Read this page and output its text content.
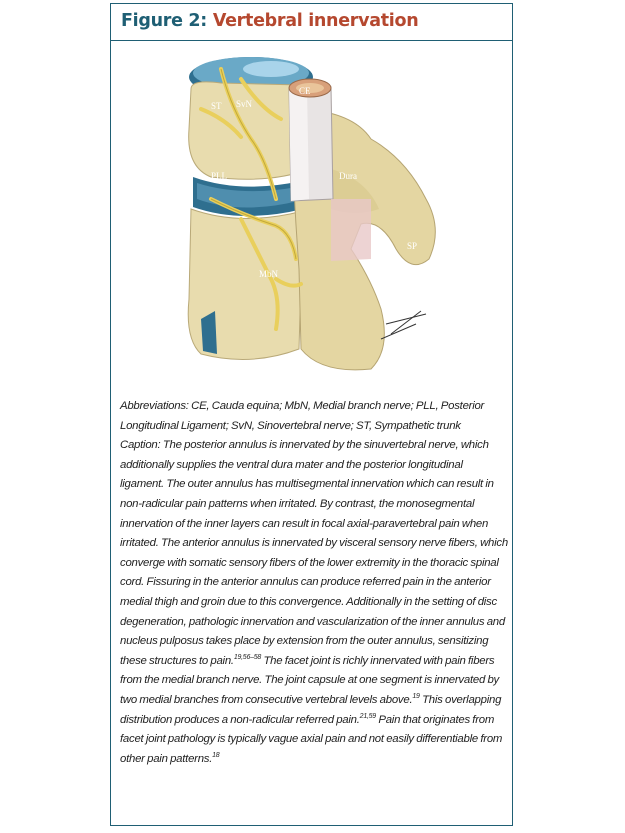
Figure 2: Vertebral innervation
CE
ST SvN
PLL	Dura
SP
MbN

Abbreviations: CE, Cauda equina; MbN, Medial branch nerve; PLL, Posterior Longitudinal Ligament; SvN, Sinovertebral nerve; ST, Sympathetic trunk

Caption: The posterior annulus is innervated by the sinuvertebral nerve, which additionally supplies the ventral dura mater and the posterior longitudinal ligament. The outer annulus has multisegmental innervation which can result in non-radicular pain patterns when irritated. By contrast, the monosegmental innervation of the inner layers can result in focal axial-paravertebral pain when irritated. The anterior annulus is innervated by visceral sensory nerve fibers, which converge with somatic sensory fibers of the lower extremity in the thoracic spinal cord. Fissuring in the anterior annulus can produce referred pain in the anterior medial thigh and groin due to this convergence. Additionally in the setting of disc degeneration, pathologic innervation and vascularization of the inner annulus and nucleus pulposus takes place by extension from the outer annulus, sensitizing these structures to pain.$^{19,56-58}$ The facet joint is richly innervated with pain fibers from the medial branch nerve. The joint capsule at one segment is innervated by two medial branches from consecutive vertebral levels above.$^{19}$ This overlapping distribution produces a non-radicular referred pain.$^{21,59}$ Pain that originates from facet joint pathology is typically vague axial pain and not easily differentiable from other pain patterns.$^{18}$
